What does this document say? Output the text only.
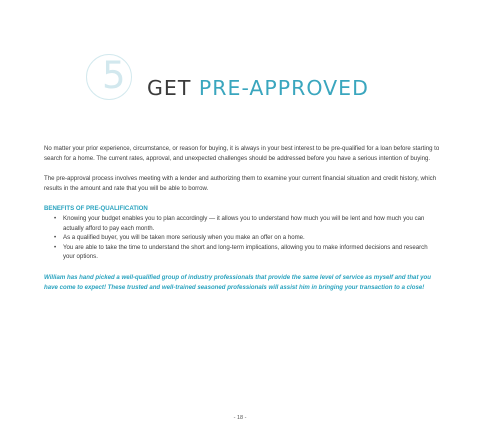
5 GET PRE-APPROVED

No matter your prior experience, circumstance, or reason for buying, it is always in your best interest to be pre-qualified for a loan before starting to search for a home. The current rates, approval, and unexpected challenges should be addressed before you have a serious intention of buying.

The pre-approval process involves meeting with a lender and authorizing them to examine your current financial situation and credit history, which results in the amount and rate that you will be able to borrow.

BENEFITS OF PRE-QUALIFICATION
• Knowing your budget enables you to plan accordingly — it allows you to understand how much you will be lent and how much you can actually afford to pay each month.
• As a qualified buyer, you will be taken more seriously when you make an offer on a home.
• You are able to take the time to understand the short and long-term implications, allowing you to make informed decisions and research your options.

William has hand picked a well-qualified group of industry professionals that provide the same level of service as myself and that you have come to expect! These trusted and well-trained seasoned professionals will assist him in bringing your transaction to a close!

- 18 -
